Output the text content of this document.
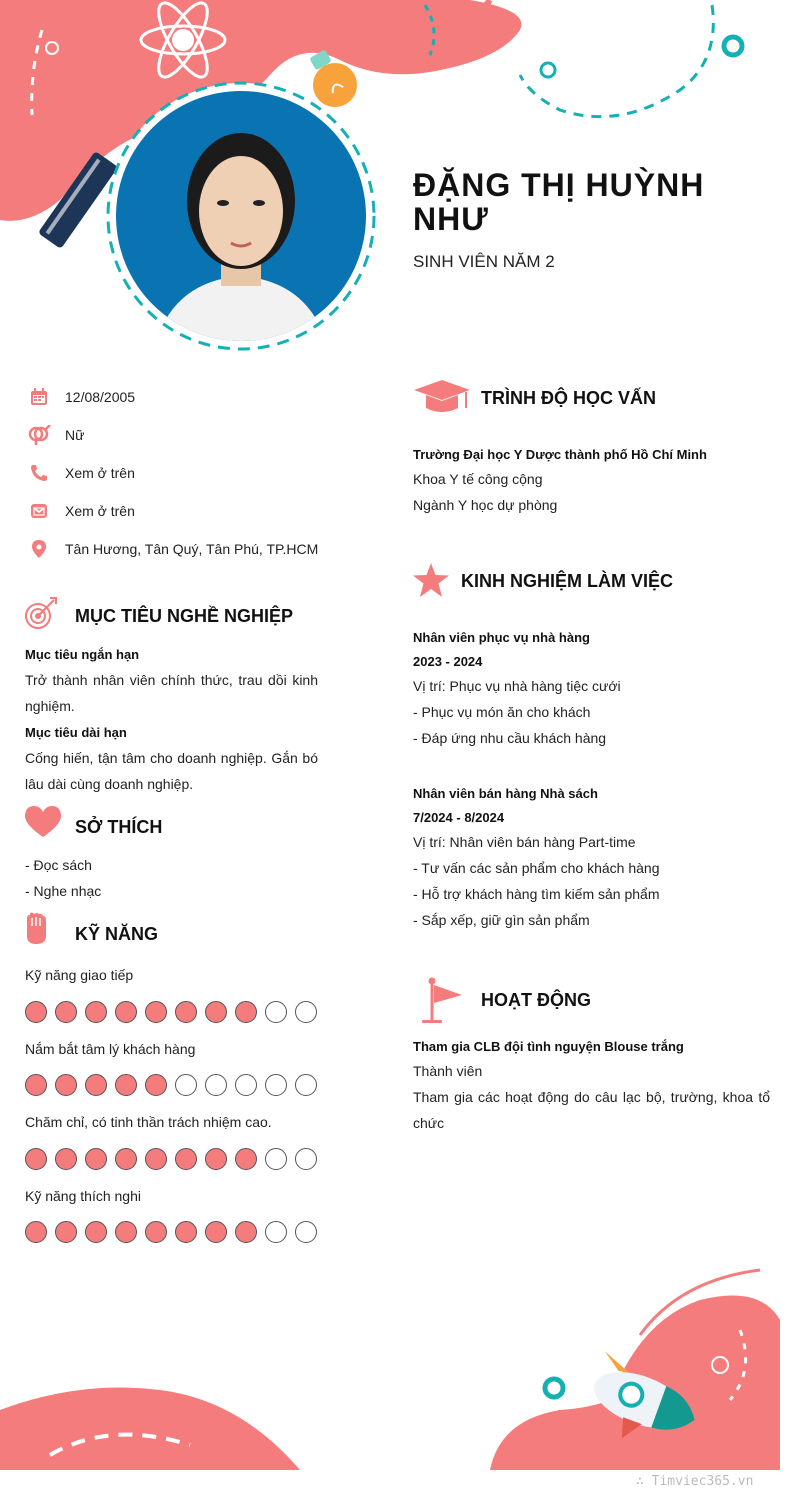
ĐẶNG THỊ HUỲNH
NHƯ
SINH VIÊN NĂM 2
12/08/2005
Nữ
Xem ở trên
Xem ở trên
Tân Hương, Tân Quý, Tân Phú, TP.HCM
MỤC TIÊU NGHỀ NGHIỆP
Mục tiêu ngắn hạn
Trở thành nhân viên chính thức, trau dồi kinh nghiệm.
Mục tiêu dài hạn
Cống hiến, tận tâm cho doanh nghiệp. Gắn bó lâu dài cùng doanh nghiệp.
SỞ THÍCH
- Đọc sách
- Nghe nhạc
KỸ NĂNG
Kỹ năng giao tiếp
Nắm bắt tâm lý khách hàng
Chăm chỉ, có tinh thần trách nhiệm cao.
Kỹ năng thích nghi
TRÌNH ĐỘ HỌC VẤN
Trường Đại học Y Dược thành phố Hồ Chí Minh
Khoa Y tế công cộng
Ngành Y học dự phòng
KINH NGHIỆM LÀM VIỆC
Nhân viên phục vụ nhà hàng
2023 - 2024
Vị trí: Phục vụ nhà hàng tiệc cưới
- Phục vụ món ăn cho khách
- Đáp ứng nhu cầu khách hàng
Nhân viên bán hàng Nhà sách
7/2024 - 8/2024
Vị trí: Nhân viên bán hàng Part-time
- Tư vấn các sản phẩm cho khách hàng
- Hỗ trợ khách hàng tìm kiếm sản phẩm
- Sắp xếp, giữ gìn sản phẩm
HOẠT ĐỘNG
Tham gia CLB đội tình nguyện Blouse trắng
Thành viên
Tham gia các hoạt động do câu lạc bộ, trường, khoa tổ chức
∴ Timviec365.vn
